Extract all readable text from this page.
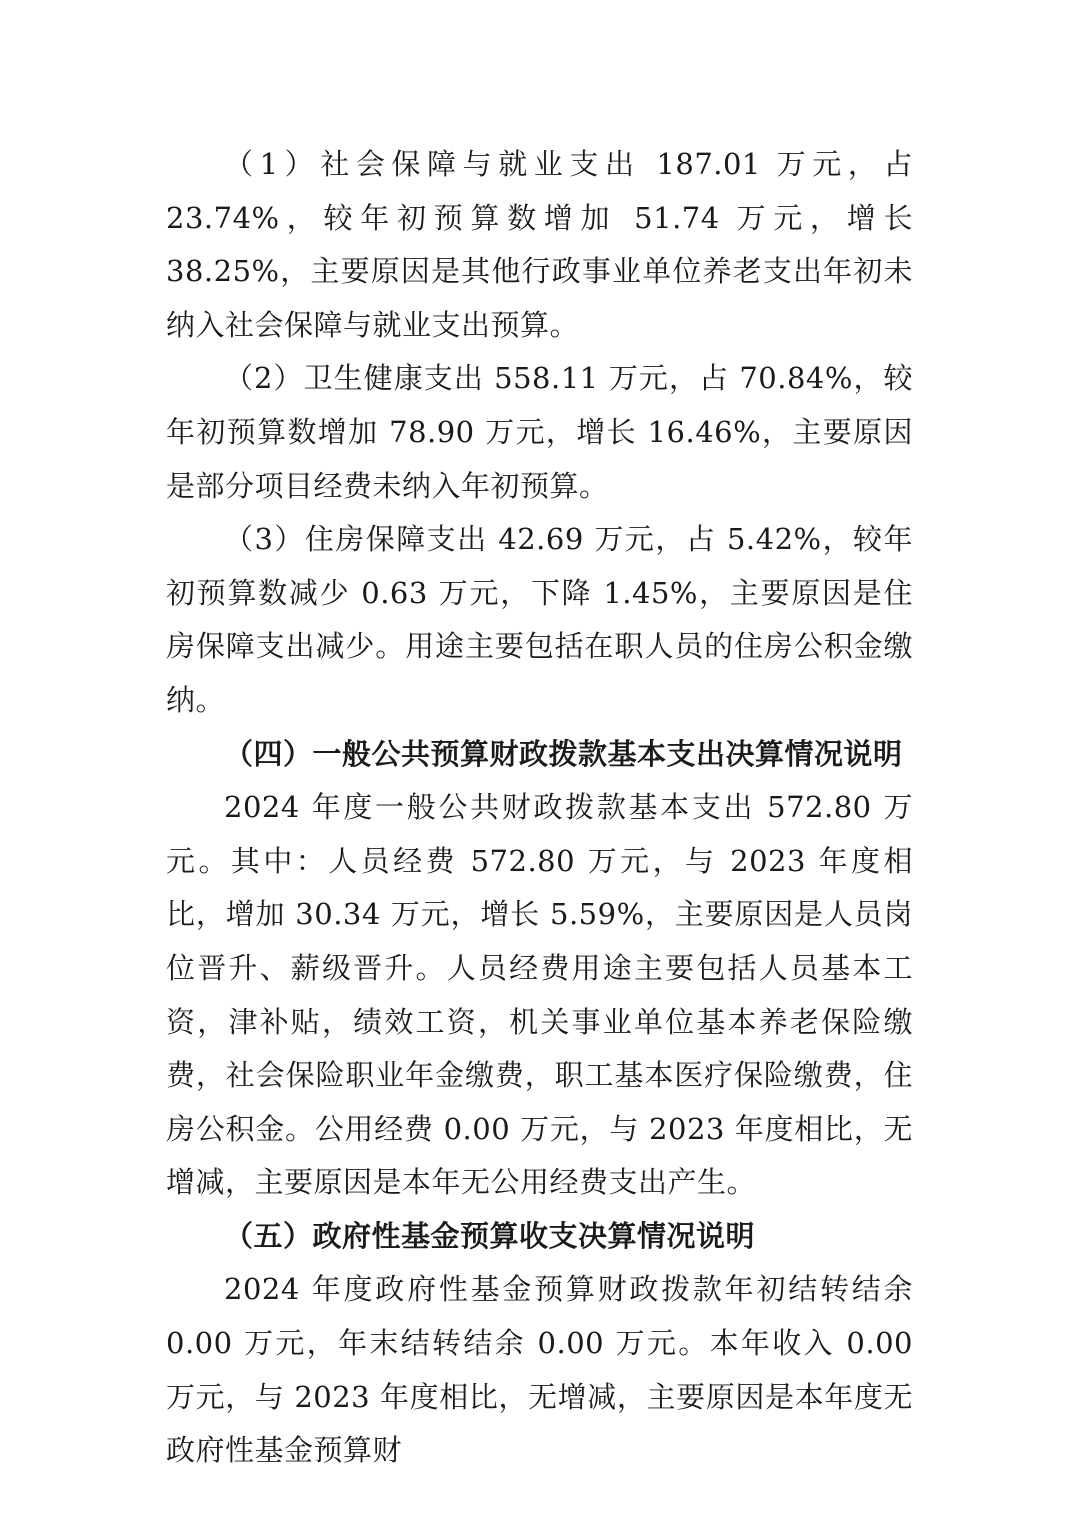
（1）社会保障与就业支出 187.01 万元，占 23.74%，较年初预算数增加 51.74 万元，增长 38.25%，主要原因是其他行政事业单位养老支出年初未纳入社会保障与就业支出预算。

（2）卫生健康支出 558.11 万元，占 70.84%，较年初预算数增加 78.90 万元，增长 16.46%，主要原因是部分项目经费未纳入年初预算。

（3）住房保障支出 42.69 万元，占 5.42%，较年初预算数减少 0.63 万元，下降 1.45%，主要原因是住房保障支出减少。用途主要包括在职人员的住房公积金缴纳。

（四）一般公共预算财政拨款基本支出决算情况说明

2024 年度一般公共财政拨款基本支出 572.80 万元。其中：人员经费 572.80 万元，与 2023 年度相比，增加 30.34 万元，增长 5.59%，主要原因是人员岗位晋升、薪级晋升。人员经费用途主要包括人员基本工资，津补贴，绩效工资，机关事业单位基本养老保险缴费，社会保险职业年金缴费，职工基本医疗保险缴费，住房公积金。公用经费 0.00 万元，与 2023 年度相比，无增减，主要原因是本年无公用经费支出产生。

（五）政府性基金预算收支决算情况说明

2024 年度政府性基金预算财政拨款年初结转结余 0.00 万元，年末结转结余 0.00 万元。本年收入 0.00 万元，与 2023 年度相比，无增减，主要原因是本年度无政府性基金预算财
